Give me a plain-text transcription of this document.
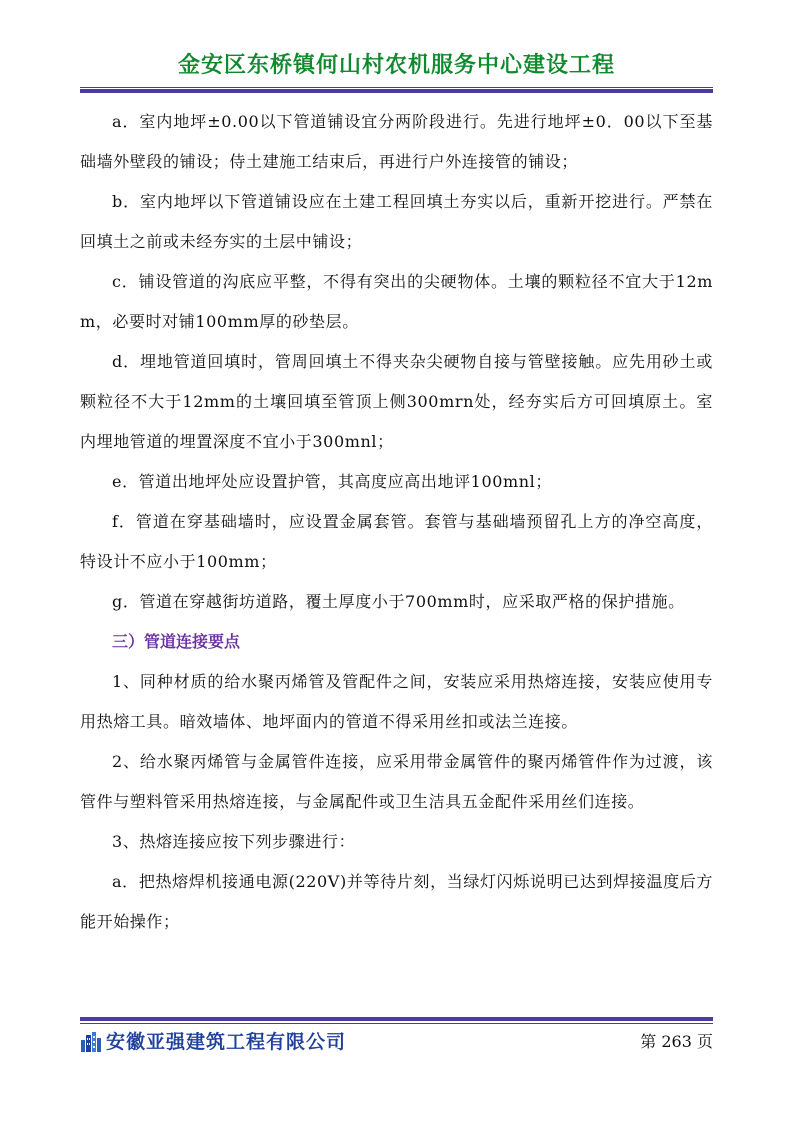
金安区东桥镇何山村农机服务中心建设工程

a．室内地坪±0.00以下管道铺设宜分两阶段进行。先进行地坪±0．00以下至基础墙外壁段的铺设；侍土建施工结束后，再进行户外连接管的铺设；

b．室内地坪以下管道铺设应在土建工程回填土夯实以后，重新开挖进行。严禁在回填土之前或未经夯实的土层中铺设；

c．铺设管道的沟底应平整，不得有突出的尖硬物体。土壤的颗粒径不宜大于12mm，必要时对铺100mm厚的砂垫层。

d．埋地管道回填时，管周回填土不得夹杂尖硬物自接与管壁接触。应先用砂土或颗粒径不大于12mm的土壤回填至管顶上侧300mrn处，经夯实后方可回填原土。室内埋地管道的埋置深度不宜小于300mnl；

e．管道出地坪处应设置护管，其高度应高出地评100mnl；

f．管道在穿基础墙时，应设置金属套管。套管与基础墙预留孔上方的净空高度，特设计不应小于100mm；

g．管道在穿越街坊道路，覆土厚度小于700mm时，应采取严格的保护措施。

三）管道连接要点

1、同种材质的给水聚丙烯管及管配件之间，安装应采用热熔连接，安装应使用专用热熔工具。暗效墙体、地坪面内的管道不得采用丝扣或法兰连接。

2、给水聚丙烯管与金属管件连接，应采用带金属管件的聚丙烯管件作为过渡，该管件与塑料管采用热熔连接，与金属配件或卫生洁具五金配件采用丝们连接。

3、热熔连接应按下列步骤进行：

a．把热熔焊机接通电源(220V)并等待片刻，当绿灯闪烁说明已达到焊接温度后方能开始操作；

安徽亚强建筑工程有限公司	第 263 页
